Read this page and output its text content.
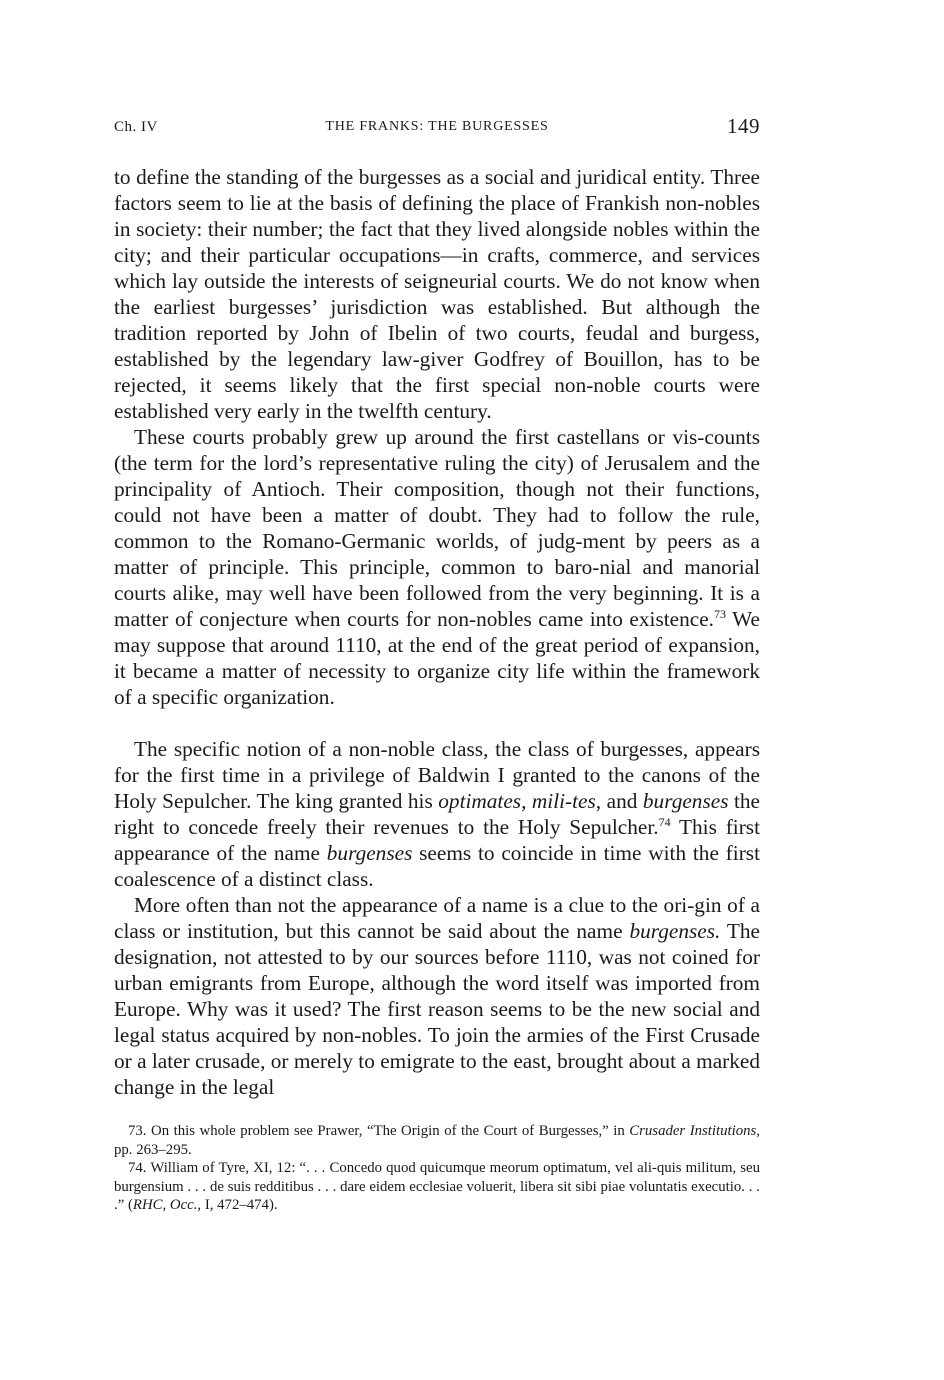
Ch. IV	THE FRANKS: THE BURGESSES	149

to define the standing of the burgesses as a social and juridical entity. Three factors seem to lie at the basis of defining the place of Frankish non-nobles in society: their number; the fact that they lived alongside nobles within the city; and their particular occupations—in crafts, commerce, and services which lay outside the interests of seigneurial courts. We do not know when the earliest burgesses’ jurisdiction was established. But although the tradition reported by John of Ibelin of two courts, feudal and burgess, established by the legendary law-giver Godfrey of Bouillon, has to be rejected, it seems likely that the first special non-noble courts were established very early in the twelfth century.

These courts probably grew up around the first castellans or vis-counts (the term for the lord’s representative ruling the city) of Jerusalem and the principality of Antioch. Their composition, though not their functions, could not have been a matter of doubt. They had to follow the rule, common to the Romano-Germanic worlds, of judg-ment by peers as a matter of principle. This principle, common to baro-nial and manorial courts alike, may well have been followed from the very beginning. It is a matter of conjecture when courts for non-nobles came into existence.$^{73}$ We may suppose that around 1110, at the end of the great period of expansion, it became a matter of necessity to organize city life within the framework of a specific organization.

The specific notion of a non-noble class, the class of burgesses, appears for the first time in a privilege of Baldwin I granted to the canons of the Holy Sepulcher. The king granted his optimates, mili-tes, and burgenses the right to concede freely their revenues to the Holy Sepulcher.$^{74}$ This first appearance of the name burgenses seems to coincide in time with the first coalescence of a distinct class.

More often than not the appearance of a name is a clue to the ori-gin of a class or institution, but this cannot be said about the name burgenses. The designation, not attested to by our sources before 1110, was not coined for urban emigrants from Europe, although the word itself was imported from Europe. Why was it used? The first reason seems to be the new social and legal status acquired by non-nobles. To join the armies of the First Crusade or a later crusade, or merely to emigrate to the east, brought about a marked change in the legal

73. On this whole problem see Prawer, “The Origin of the Court of Burgesses,” in Crusader Institutions, pp. 263–295.

74. William of Tyre, XI, 12: “. . . Concedo quod quicumque meorum optimatum, vel ali-quis militum, seu burgensium . . . de suis redditibus . . . dare eidem ecclesiae voluerit, libera sit sibi piae voluntatis executio. . . .” (RHC, Occ., I, 472–474).
